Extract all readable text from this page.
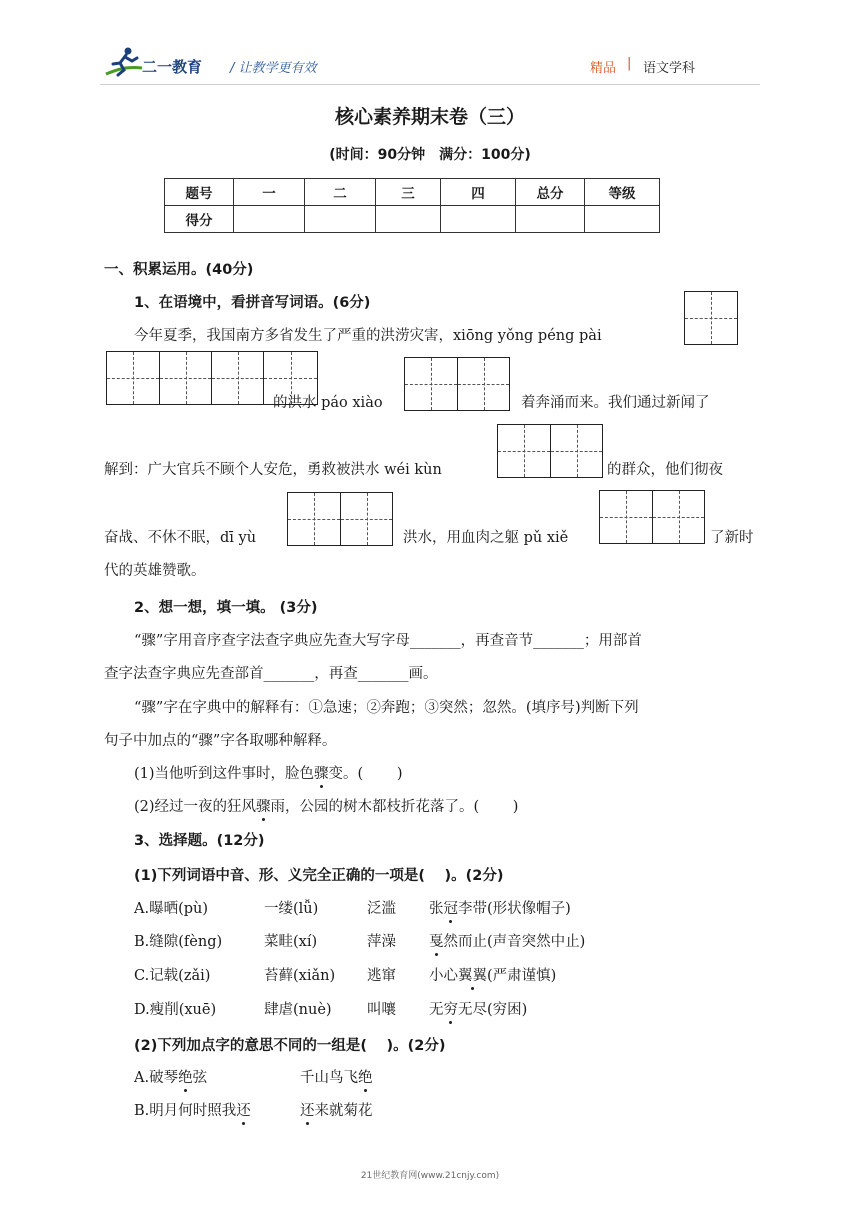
二一教育 / 让教学更有效	精品 | 语文学科
核心素养期末卷（三）
(时间：90分钟　满分：100分)
题号	一	二	三	四	总分	等级
得分						
一、积累运用。(40分)
1、在语境中，看拼音写词语。(6分)
今年夏季，我国南方多省发生了严重的洪涝灾害，xiōng yǒng péng pài
的洪水 páo xiào	着奔涌而来。我们通过新闻了
解到：广大官兵不顾个人安危，勇救被洪水 wéi kùn	的群众，他们彻夜
奋战、不休不眠，dī yù	洪水，用血肉之躯 pǔ xiě	了新时
代的英雄赞歌。
2、想一想，填一填。 (3分)
“骤”字用音序查字法查字典应先查大写字母_______，再查音节_______；用部首
查字法查字典应先查部首_______，再查_______画。
“骤”字在字典中的解释有：①急速；②奔跑；③突然；忽然。(填序号)判断下列
句子中加点的“骤”字各取哪种解释。
(1)当他听到这件事时，脸色骤变。(　　 )
(2)经过一夜的狂风骤雨，公园的树木都枝折花落了。(　　 )
3、选择题。(12分)
(1)下列词语中音、形、义完全正确的一项是(　 )。(2分)
A.曝晒(pù)	一缕(lǚ)	泛滥 张冠李带(形状像帽子)
B.缝隙(fèng)	菜畦(xí)	萍澡 戛然而止(声音突然中止)
C.记载(zǎi)	苔藓(xiǎn) 逃窜 小心翼翼(严肃谨慎)
D.瘦削(xuē)	肆虐(nuè) 叫嚷 无穷无尽(穷困)
(2)下列加点字的意思不同的一组是(　 )。(2分)
A.破琴绝弦	千山鸟飞绝
B.明月何时照我还	还来就菊花
21世纪教育网(www.21cnjy.com)
